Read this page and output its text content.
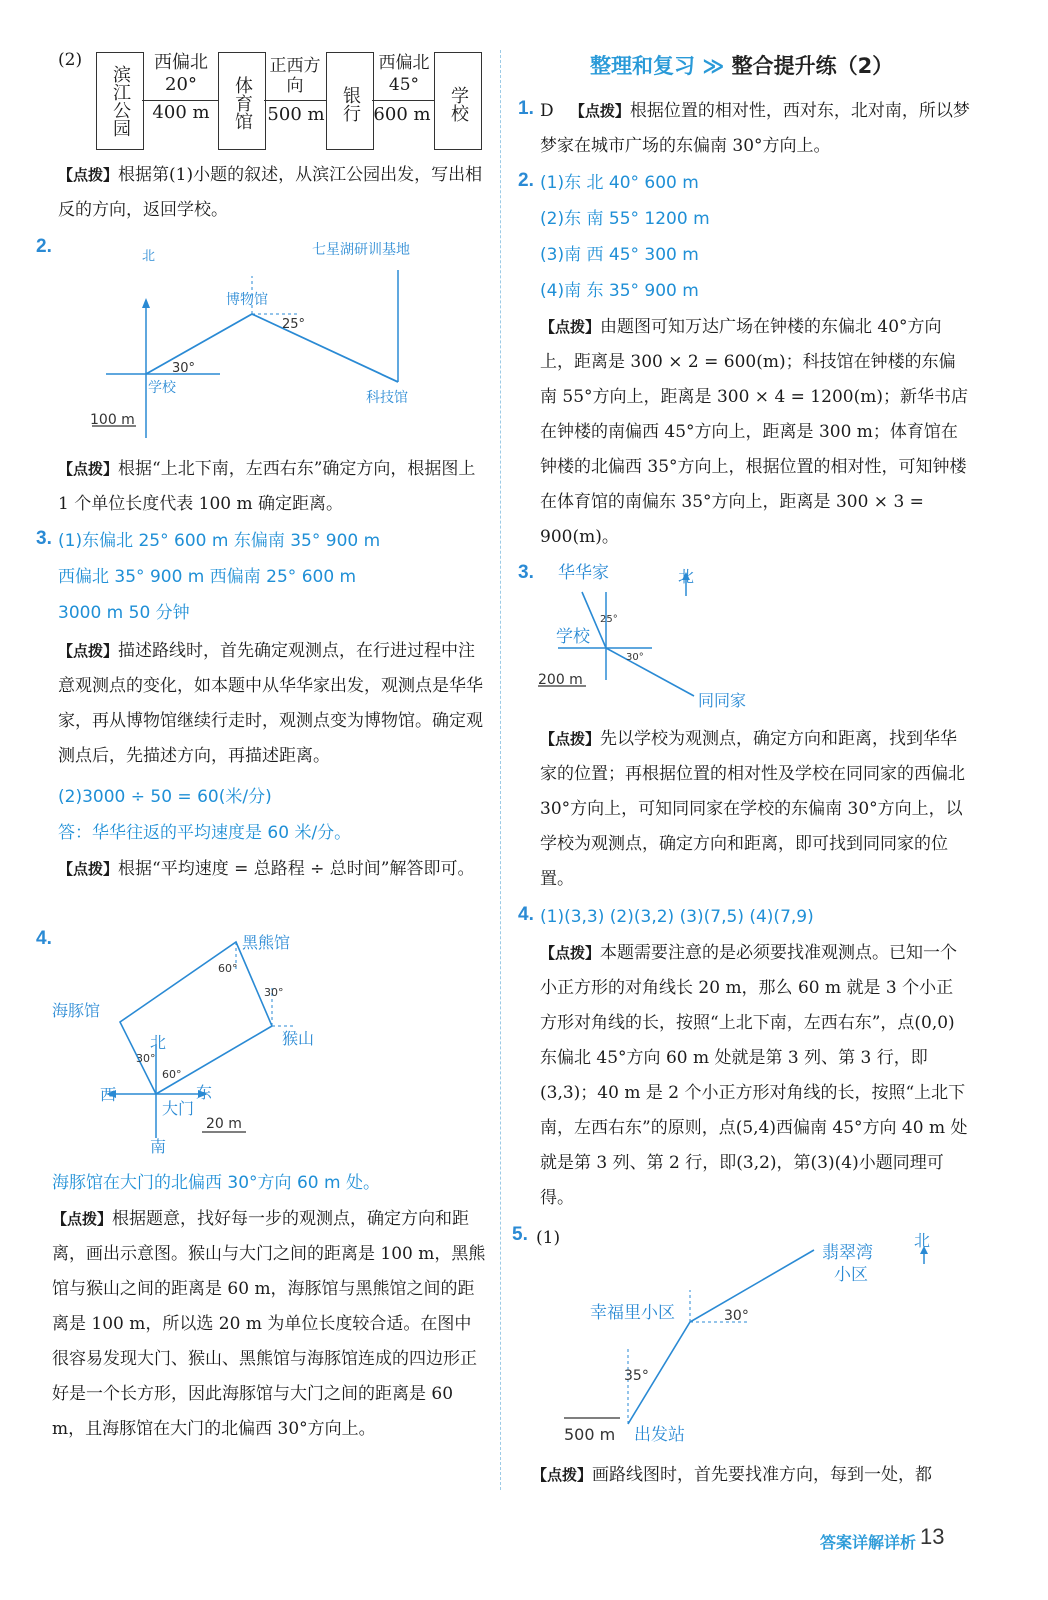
(2)
滨江公园
西偏北20°
400 m 体育馆
正西方向
500 m 银行
西偏北45°
600 m 学校
【点拨】根据第(1)小题的叙述，从滨江公园出发，写出相反的方向，返回学校。
2.	北
学校
博物馆
七星湖研训基地
科技馆
30°
25°
100 m
【点拨】根据“上北下南，左西右东”确定方向，根据图上 1 个单位长度代表 100 m 确定距离。
3. (1)东偏北 25° 600 m 东偏南 35° 900 m
西偏北 35° 900 m 西偏南 25° 600 m
3000 m 50 分钟
【点拨】描述路线时，首先确定观测点，在行进过程中注意观测点的变化，如本题中从华华家出发，观测点是华华家，再从博物馆继续行走时，观测点变为博物馆。确定观测点后，先描述方向，再描述距离。
(2)3000 ÷ 50 = 60(米/分)
答：华华往返的平均速度是 60 米/分。
【点拨】根据“平均速度 = 总路程 ÷ 总时间”解答即可。
4.	黑熊馆
海豚馆
猴山
大门
北
南
西	东
60°
30°
30°
60°
20 m
海豚馆在大门的北偏西 30°方向 60 m 处。
【点拨】根据题意，找好每一步的观测点，确定方向和距离，画出示意图。猴山与大门之间的距离是 100 m，黑熊馆与猴山之间的距离是 60 m，海豚馆与黑熊馆之间的距离是 100 m，所以选 20 m 为单位长度较合适。在图中很容易发现大门、猴山、黑熊馆与海豚馆连成的四边形正好是一个长方形，因此海豚馆与大门之间的距离是 60 m，且海豚馆在大门的北偏西 30°方向上。
整理和复习 ≫ 整合提升练（2）
1. D 【点拨】根据位置的相对性，西对东，北对南，所以梦梦家在城市广场的东偏南 30°方向上。
2. (1)东 北 40° 600 m
(2)东 南 55° 1200 m
(3)南 西 45° 300 m
(4)南 东 35° 900 m
【点拨】由题图可知万达广场在钟楼的东偏北 40°方向上，距离是 300 × 2 = 600(m)；科技馆在钟楼的东偏南 55°方向上，距离是 300 × 4 = 1200(m)；新华书店在钟楼的南偏西 45°方向上，距离是 300 m；体育馆在钟楼的北偏西 35°方向上，根据位置的相对性，可知钟楼在体育馆的南偏东 35°方向上，距离是 300 × 3 = 900(m)。
3. 华华家	北
学校
同同家
25°
30°
200 m
【点拨】先以学校为观测点，确定方向和距离，找到华华家的位置；再根据位置的相对性及学校在同同家的西偏北 30°方向上，可知同同家在学校的东偏南 30°方向上，以学校为观测点，确定方向和距离，即可找到同同家的位置。
4. (1)(3,3) (2)(3,2) (3)(7,5) (4)(7,9)
【点拨】本题需要注意的是必须要找准观测点。已知一个小正方形的对角线长 20 m，那么 60 m 就是 3 个小正方形对角线的长，按照“上北下南，左西右东”，点(0,0)东偏北 45°方向 60 m 处就是第 3 列、第 3 行，即(3,3)；40 m 是 2 个小正方形对角线的长，按照“上北下南，左西右东”的原则，点(5,4)西偏南 45°方向 40 m 处就是第 3 列、第 2 行，即(3,2)，第(3)(4)小题同理可得。
5. (1)
翡翠湾
小区
北
幸福里小区	30°
35°
500 m 出发站
【点拨】画路线图时，首先要找准方向，每到一处，都
答案详解详析 13
